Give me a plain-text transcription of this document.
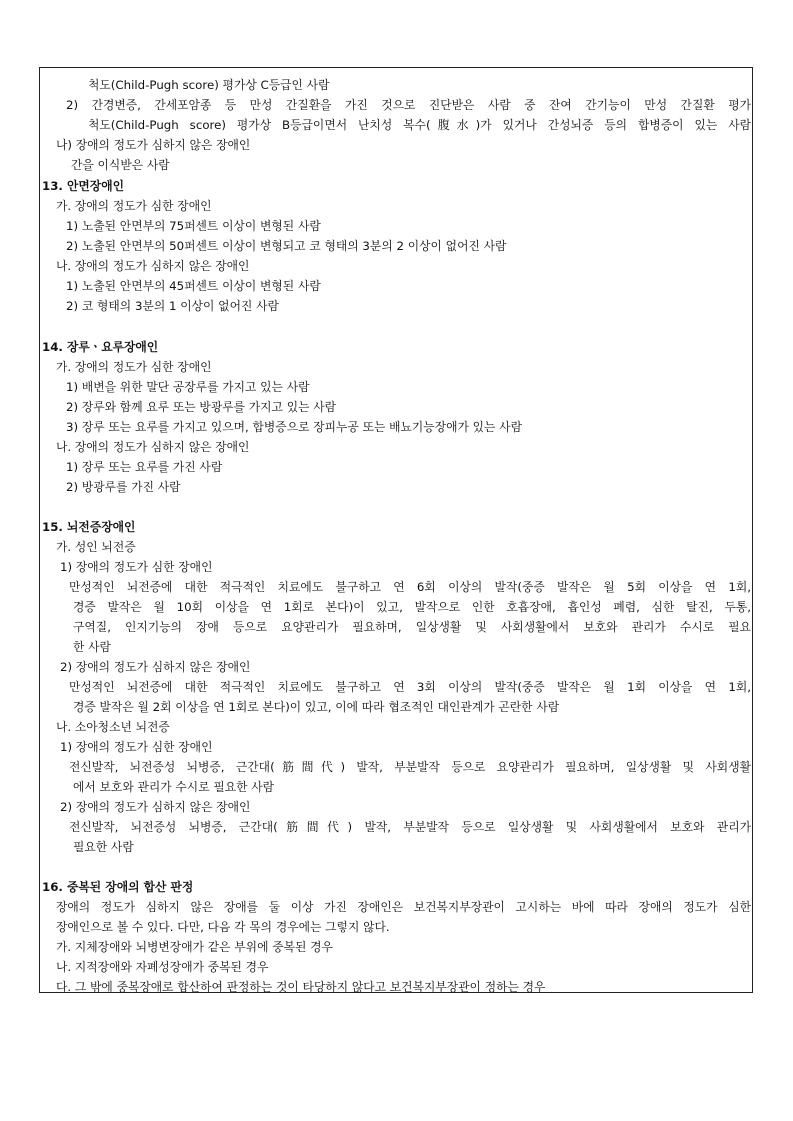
척도(Child-Pugh score) 평가상 C등급인 사람
2) 간경변증, 간세포암종 등 만성 간질환을 가진 것으로 진단받은 사람 중 잔여 간기능이 만성 간질환 평가
척도(Child-Pugh score) 평가상 B등급이면서 난치성 복수(腹水)가 있거나 간성뇌증 등의 합병증이 있는 사람
나) 장애의 정도가 심하지 않은 장애인
간을 이식받은 사람
13. 안면장애인
가. 장애의 정도가 심한 장애인
1) 노출된 안면부의 75퍼센트 이상이 변형된 사람
2) 노출된 안면부의 50퍼센트 이상이 변형되고 코 형태의 3분의 2 이상이 없어진 사람
나. 장애의 정도가 심하지 않은 장애인
1) 노출된 안면부의 45퍼센트 이상이 변형된 사람
2) 코 형태의 3분의 1 이상이 없어진 사람
14. 장루ㆍ요루장애인
가. 장애의 정도가 심한 장애인
1) 배변을 위한 말단 공장루를 가지고 있는 사람
2) 장루와 함께 요루 또는 방광루를 가지고 있는 사람
3) 장루 또는 요루를 가지고 있으며, 합병증으로 장피누공 또는 배뇨기능장애가 있는 사람
나. 장애의 정도가 심하지 않은 장애인
1) 장루 또는 요루를 가진 사람
2) 방광루를 가진 사람
15. 뇌전증장애인
가. 성인 뇌전증
1) 장애의 정도가 심한 장애인
만성적인 뇌전증에 대한 적극적인 치료에도 불구하고 연 6회 이상의 발작(중증 발작은 월 5회 이상을 연 1회,
경증 발작은 월 10회 이상을 연 1회로 본다)이 있고, 발작으로 인한 호흡장애, 흡인성 폐렴, 심한 탈진, 두통,
구역질, 인지기능의 장애 등으로 요양관리가 필요하며, 일상생활 및 사회생활에서 보호와 관리가 수시로 필요
한 사람
2) 장애의 정도가 심하지 않은 장애인
만성적인 뇌전증에 대한 적극적인 치료에도 불구하고 연 3회 이상의 발작(중증 발작은 월 1회 이상을 연 1회,
경증 발작은 월 2회 이상을 연 1회로 본다)이 있고, 이에 따라 협조적인 대인관계가 곤란한 사람
나. 소아청소년 뇌전증
1) 장애의 정도가 심한 장애인
전신발작, 뇌전증성 뇌병증, 근간대(筋間代) 발작, 부분발작 등으로 요양관리가 필요하며, 일상생활 및 사회생활
에서 보호와 관리가 수시로 필요한 사람
2) 장애의 정도가 심하지 않은 장애인
전신발작, 뇌전증성 뇌병증, 근간대(筋間代) 발작, 부분발작 등으로 일상생활 및 사회생활에서 보호와 관리가
필요한 사람
16. 중복된 장애의 합산 판정
장애의 정도가 심하지 않은 장애를 둘 이상 가진 장애인은 보건복지부장관이 고시하는 바에 따라 장애의 정도가 심한
장애인으로 볼 수 있다. 다만, 다음 각 목의 경우에는 그렇지 않다.
가. 지체장애와 뇌병변장애가 같은 부위에 중복된 경우
나. 지적장애와 자폐성장애가 중복된 경우
다. 그 밖에 중복장애로 합산하여 판정하는 것이 타당하지 않다고 보건복지부장관이 정하는 경우
